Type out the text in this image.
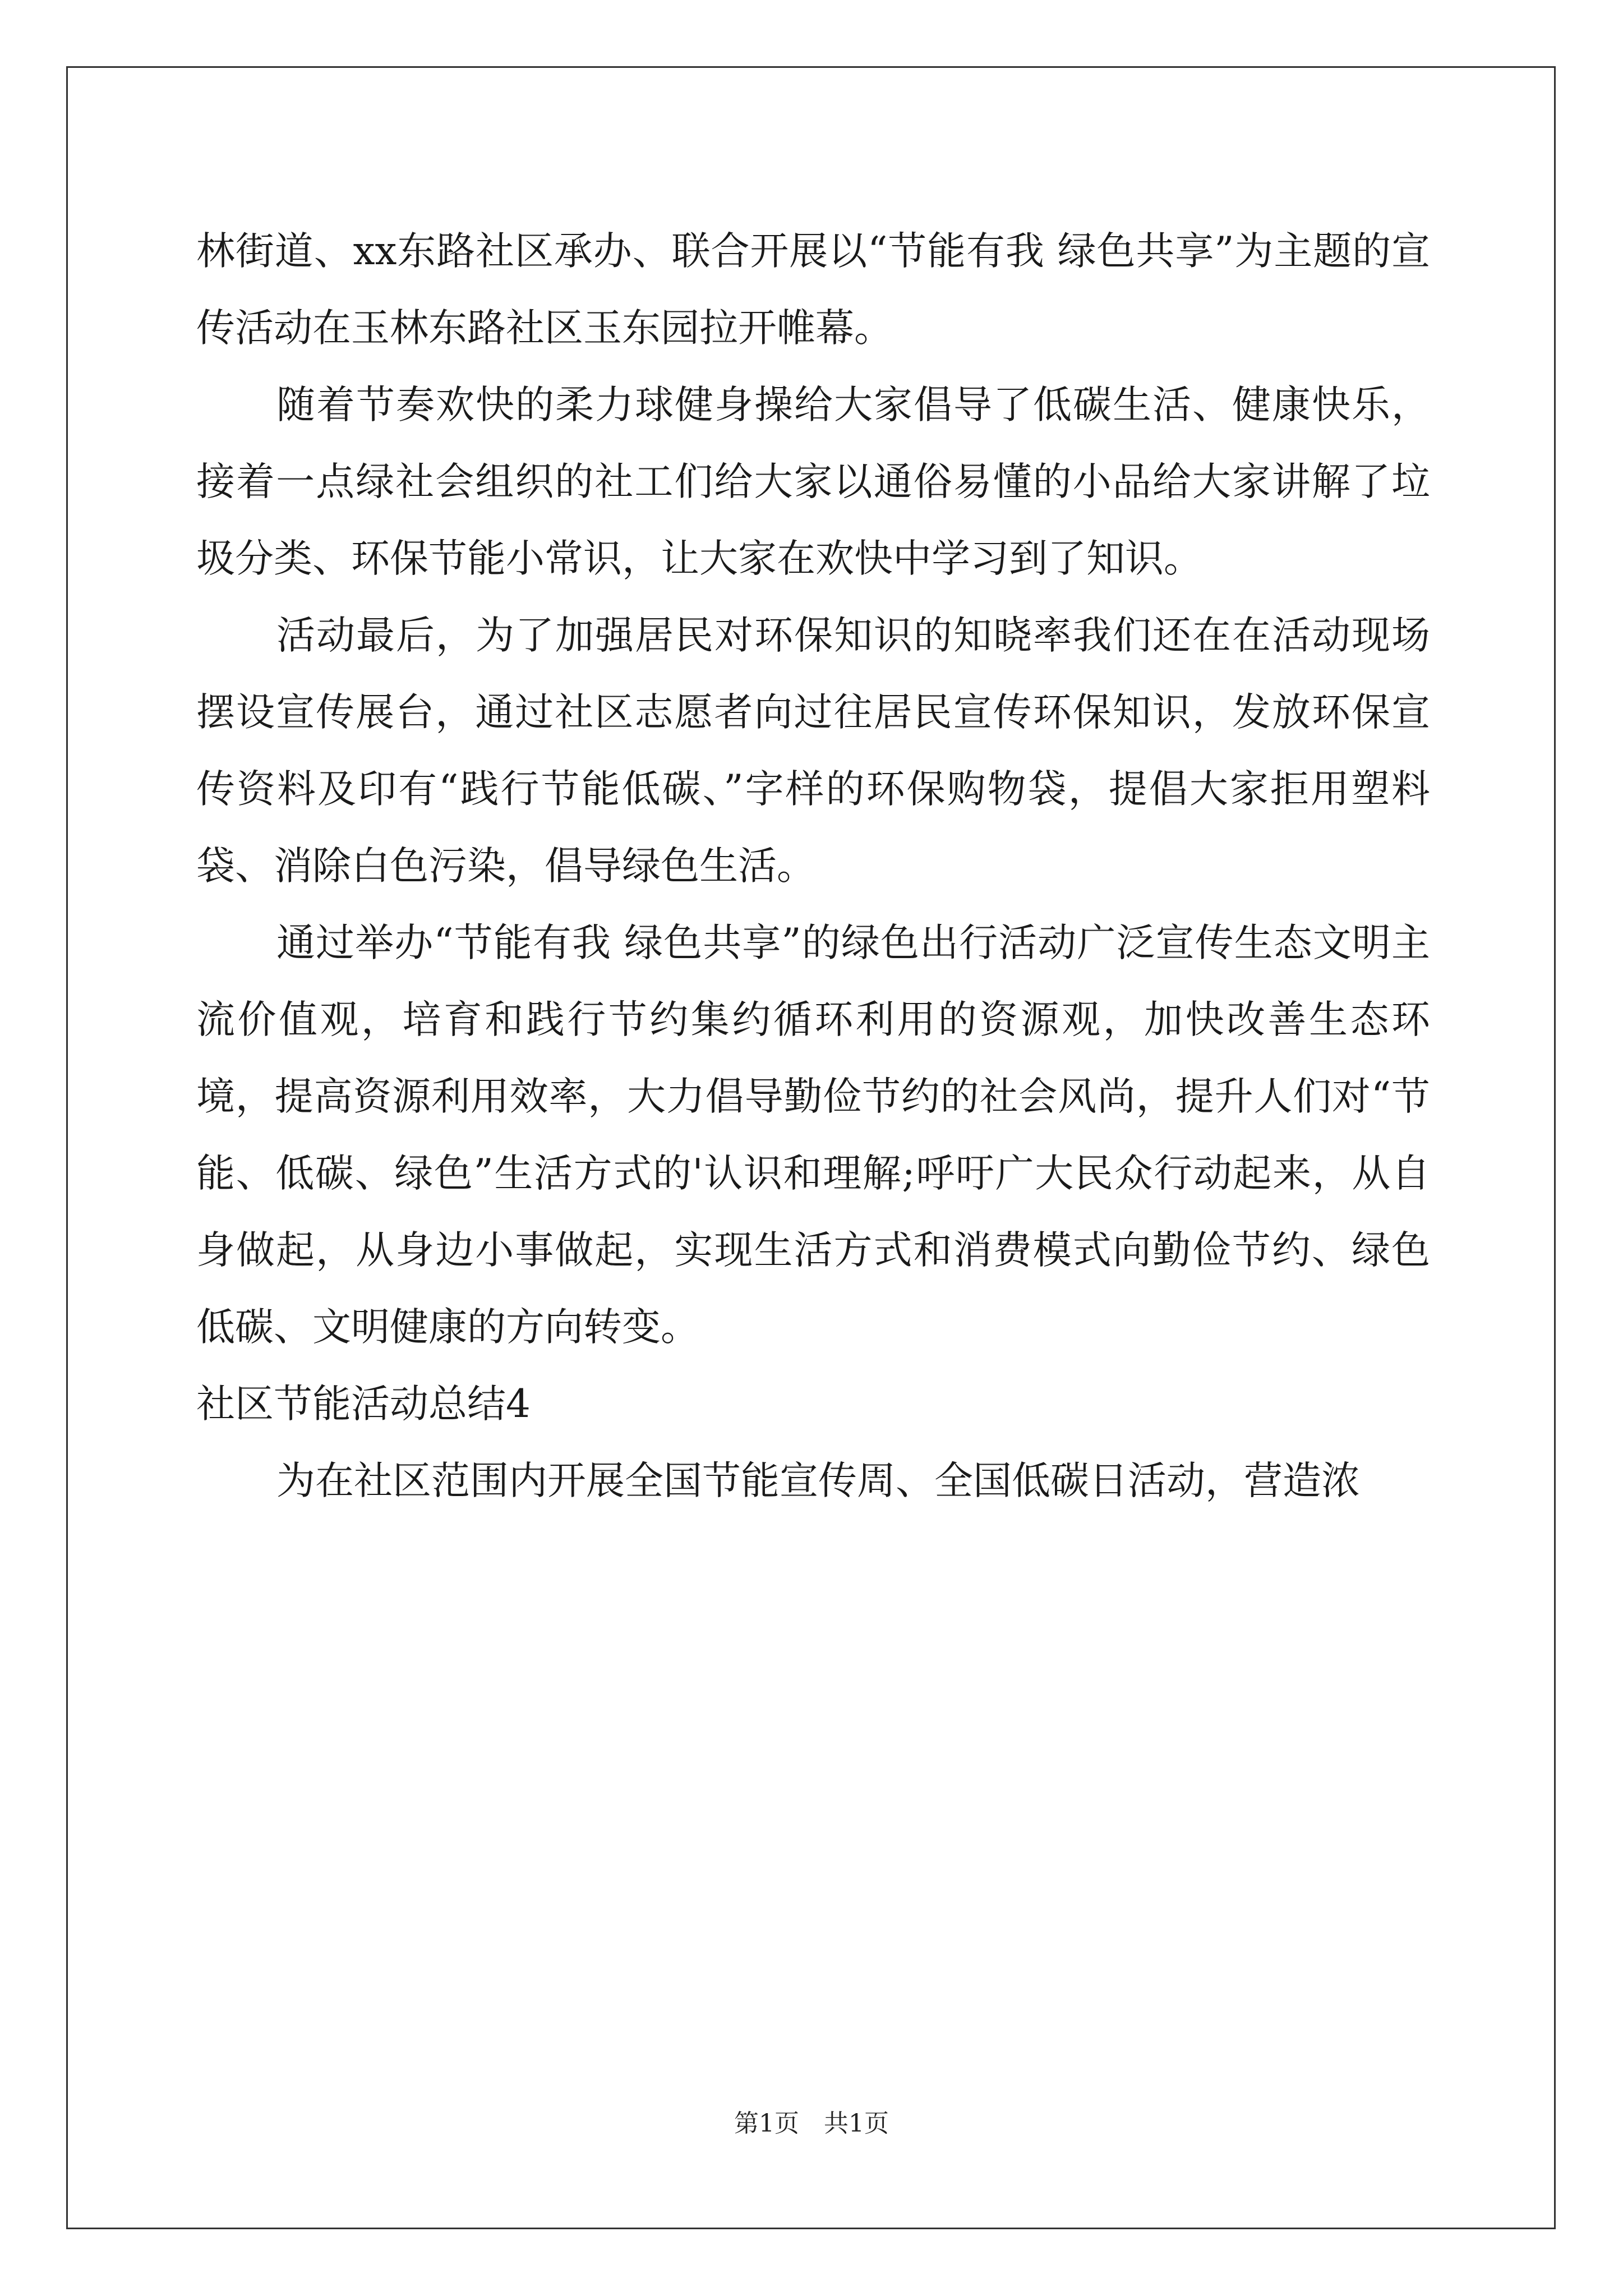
林街道、xx东路社区承办、联合开展以“节能有我 绿色共享”为主题的宣传活动在玉林东路社区玉东园拉开帷幕。

随着节奏欢快的柔力球健身操给大家倡导了低碳生活、健康快乐，接着一点绿社会组织的社工们给大家以通俗易懂的小品给大家讲解了垃圾分类、环保节能小常识，让大家在欢快中学习到了知识。

活动最后，为了加强居民对环保知识的知晓率我们还在在活动现场摆设宣传展台，通过社区志愿者向过往居民宣传环保知识，发放环保宣传资料及印有“践行节能低碳、”字样的环保购物袋，提倡大家拒用塑料袋、消除白色污染，倡导绿色生活。

通过举办“节能有我 绿色共享”的绿色出行活动广泛宣传生态文明主流价值观，培育和践行节约集约循环利用的资源观，加快改善生态环境，提高资源利用效率，大力倡导勤俭节约的社会风尚，提升人们对“节能、低碳、绿色”生活方式的'认识和理解;呼吁广大民众行动起来，从自身做起，从身边小事做起，实现生活方式和消费模式向勤俭节约、绿色低碳、文明健康的方向转变。

社区节能活动总结4

为在社区范围内开展全国节能宣传周、全国低碳日活动，营造浓

第1页　共1页
